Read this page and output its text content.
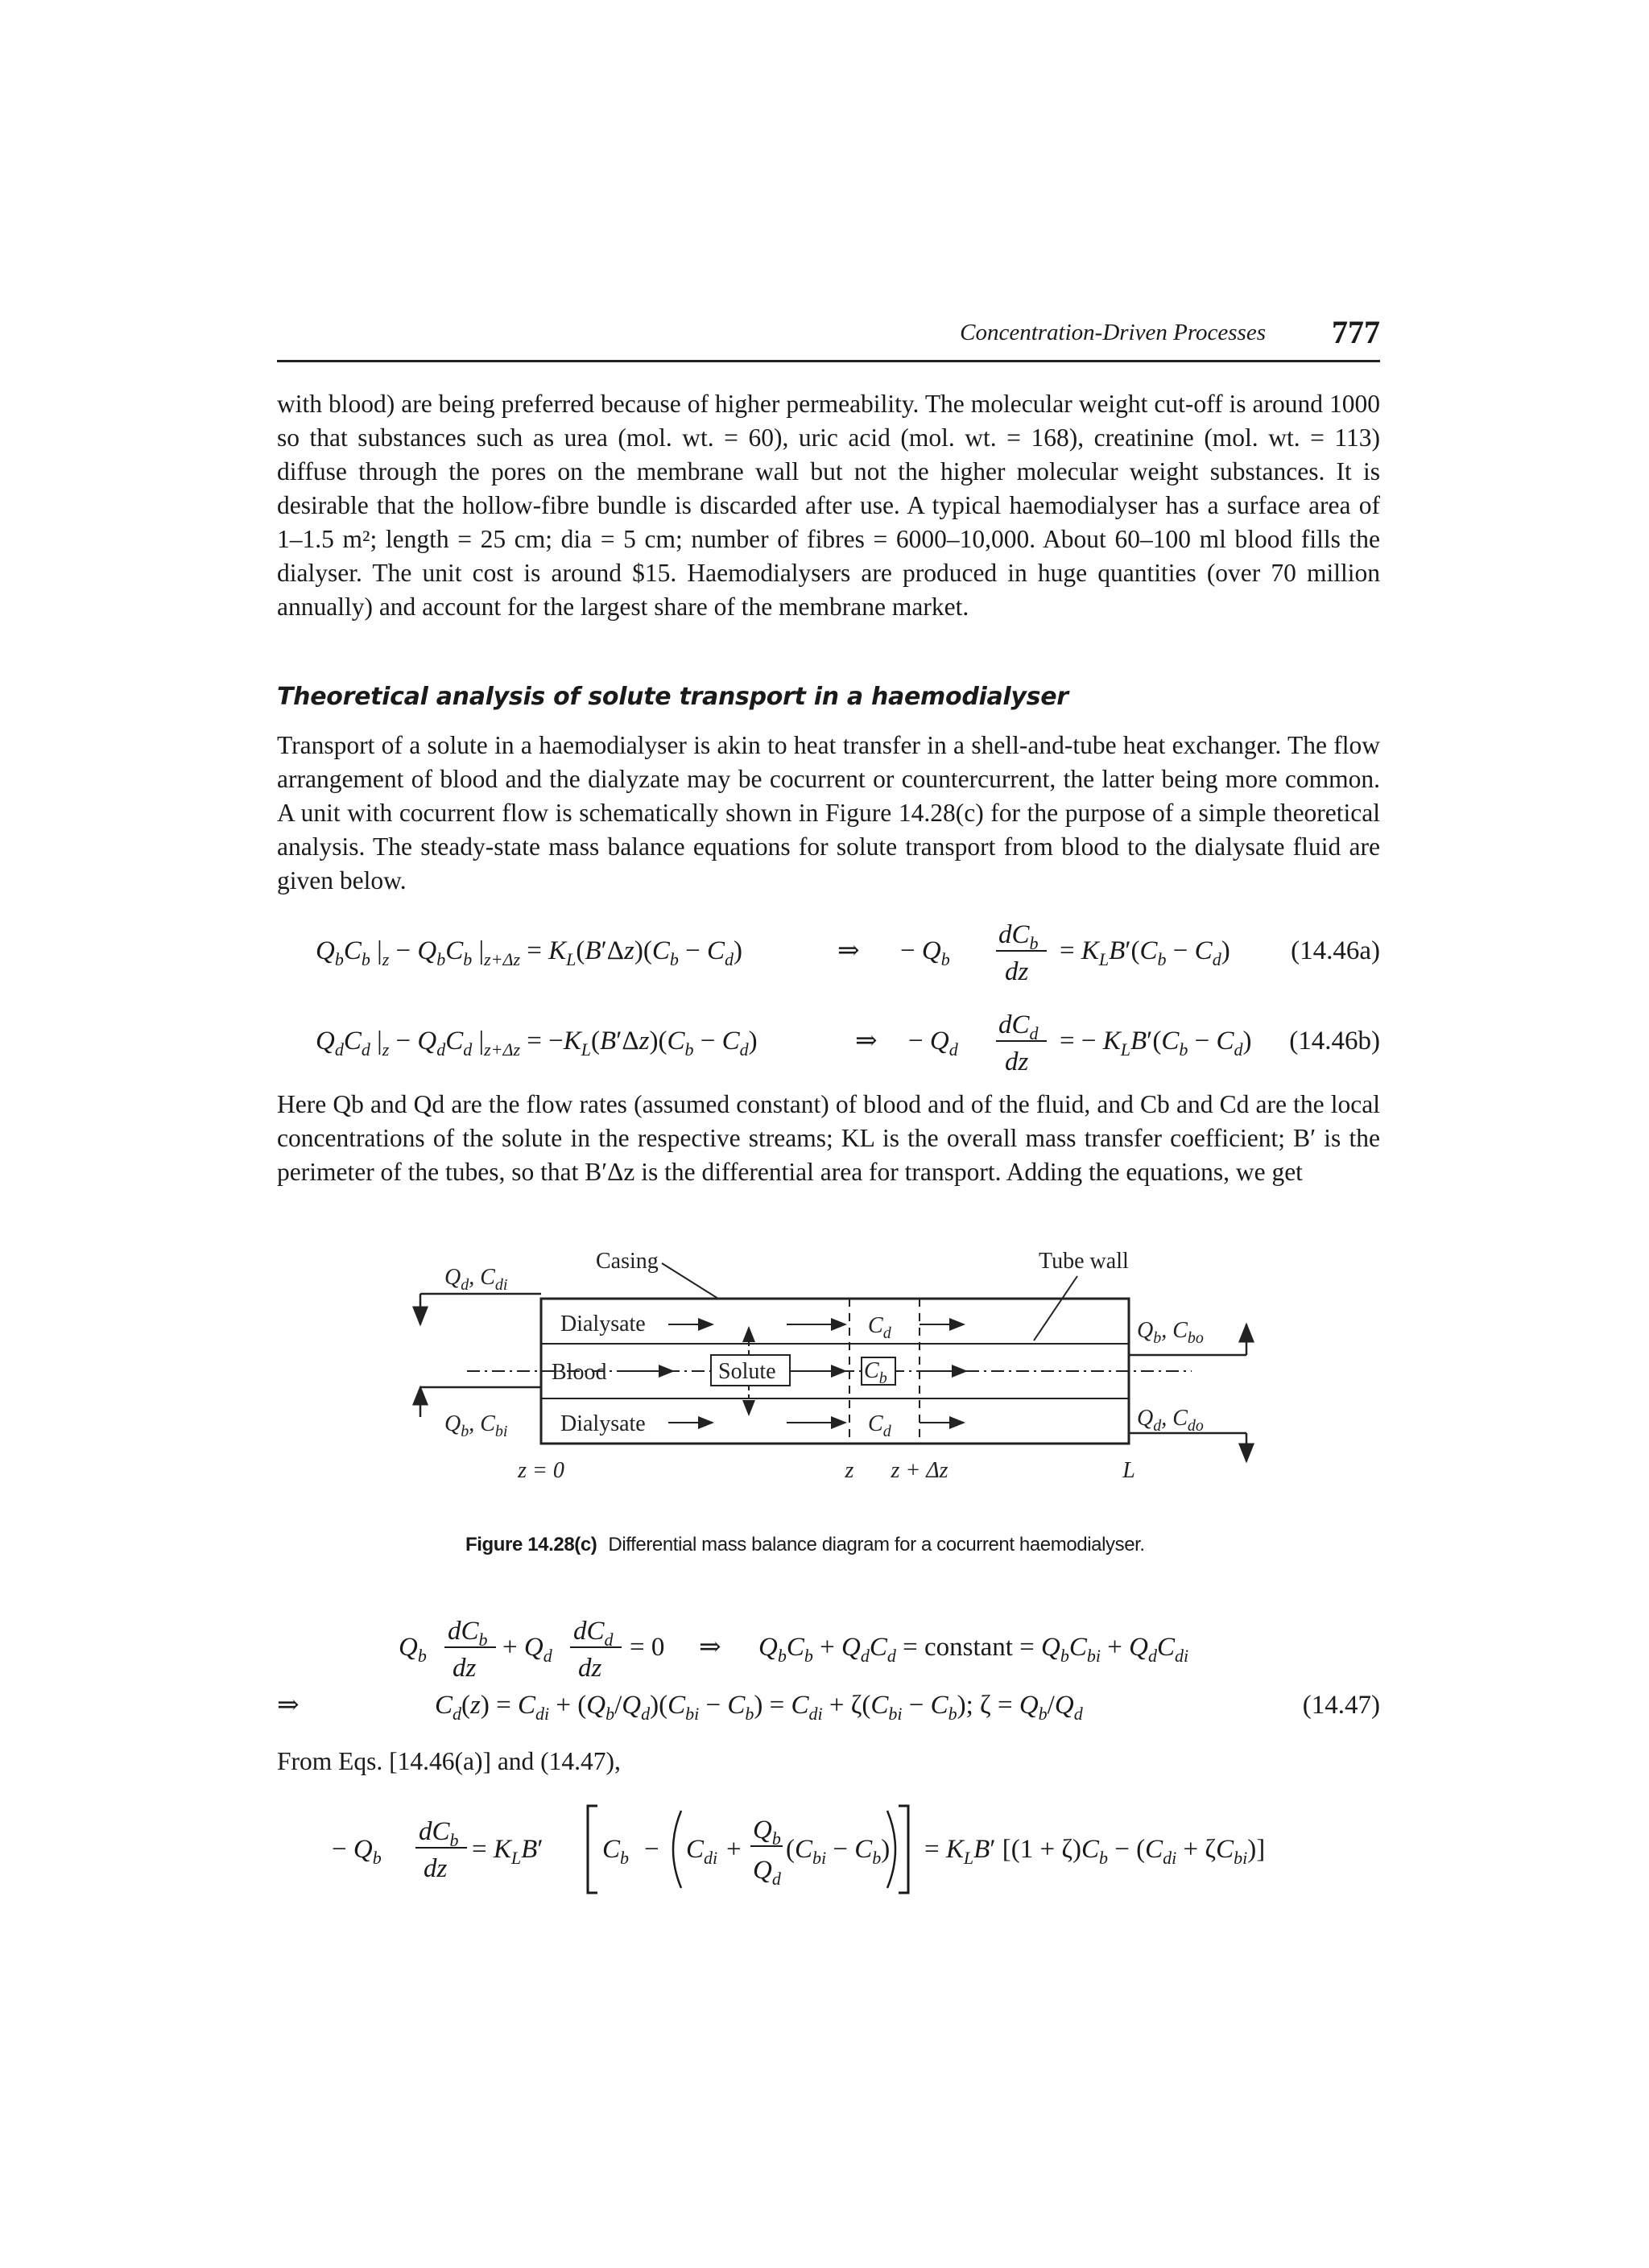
Concentration-Driven Processes 777

with blood) are being preferred because of higher permeability. The molecular weight cut-off is around 1000 so that substances such as urea (mol. wt. = 60), uric acid (mol. wt. = 168), creatinine (mol. wt. = 113) diffuse through the pores on the membrane wall but not the higher molecular weight substances. It is desirable that the hollow-fibre bundle is discarded after use. A typical haemodialyser has a surface area of 1–1.5 m²; length = 25 cm; dia = 5 cm; number of fibres = 6000–10,000. About 60–100 ml blood fills the dialyser. The unit cost is around $15. Haemodialysers are produced in huge quantities (over 70 million annually) and account for the largest share of the membrane market.

Theoretical analysis of solute transport in a haemodialyser

Transport of a solute in a haemodialyser is akin to heat transfer in a shell-and-tube heat exchanger. The flow arrangement of blood and the dialyzate may be cocurrent or countercurrent, the latter being more common. A unit with cocurrent flow is schematically shown in Figure 14.28(c) for the purpose of a simple theoretical analysis. The steady-state mass balance equations for solute transport from blood to the dialysate fluid are given below.

$Q_bC_b$ $|_z - Q_bC_b$ $|_{z+\Delta z} = K_L(B'\Delta z)(C_b - C_d)$	⇒ − $Q_b$
$dC_b$
dz
= $K_LB'(C_b - C_d)$ (14.46a)
$Q_dC_d$ $|_z - Q_dC_d$ $|_{z+\Delta z} = -K_L(B'\Delta z)(C_b - C_d)$	⇒ − $Q_d$
$dC_d$
dz
= − $K_LB'(C_b - C_d)$ (14.46b)

Here Qb and Qd are the flow rates (assumed constant) of blood and of the fluid, and Cb and Cd are the local concentrations of the solute in the respective streams; KL is the overall mass transfer coefficient; B′ is the perimeter of the tubes, so that B′Δz is the differential area for transport. Adding the equations, we get

Casing	Tube wall
$Q_d$, $C_{di}$
$Q_b$, $C_{bi}$
$Q_b$, $C_{bo}$
$Q_d$, $C_{do}$
Dialysate	$C_d$
Blood	Solute	$C_b$
Dialysate	$C_d$
z = 0	z z + Δz	L
Figure 14.28(c) Differential mass balance diagram for a cocurrent haemodialyser.
$Q_b$
$dC_b$
dz
+ $Q_d$
$dC_d$
dz
= 0 ⇒ $Q_bC_b + Q_dC_d$ = constant = $Q_bC_{bi} + Q_dC_{di}$
⇒	$C_d(z) = C_{di} + (Q_b/Q_d)(C_{bi} - C_b) = C_{di} + \zeta(C_{bi} - C_b)$; $\zeta = Q_b/Q_d$	(14.47)
From Eqs. [14.46(a)] and (14.47),
− $Q_b$
$dC_b$
dz
= $K_LB'$ $C_b - C_{di}$ +
$Q_b$
$Q_d$
$(C_{bi} - C_b) = K_LB'$ $[(1 + \zeta)C_b - (C_{di} + \zeta C_{bi})]$
